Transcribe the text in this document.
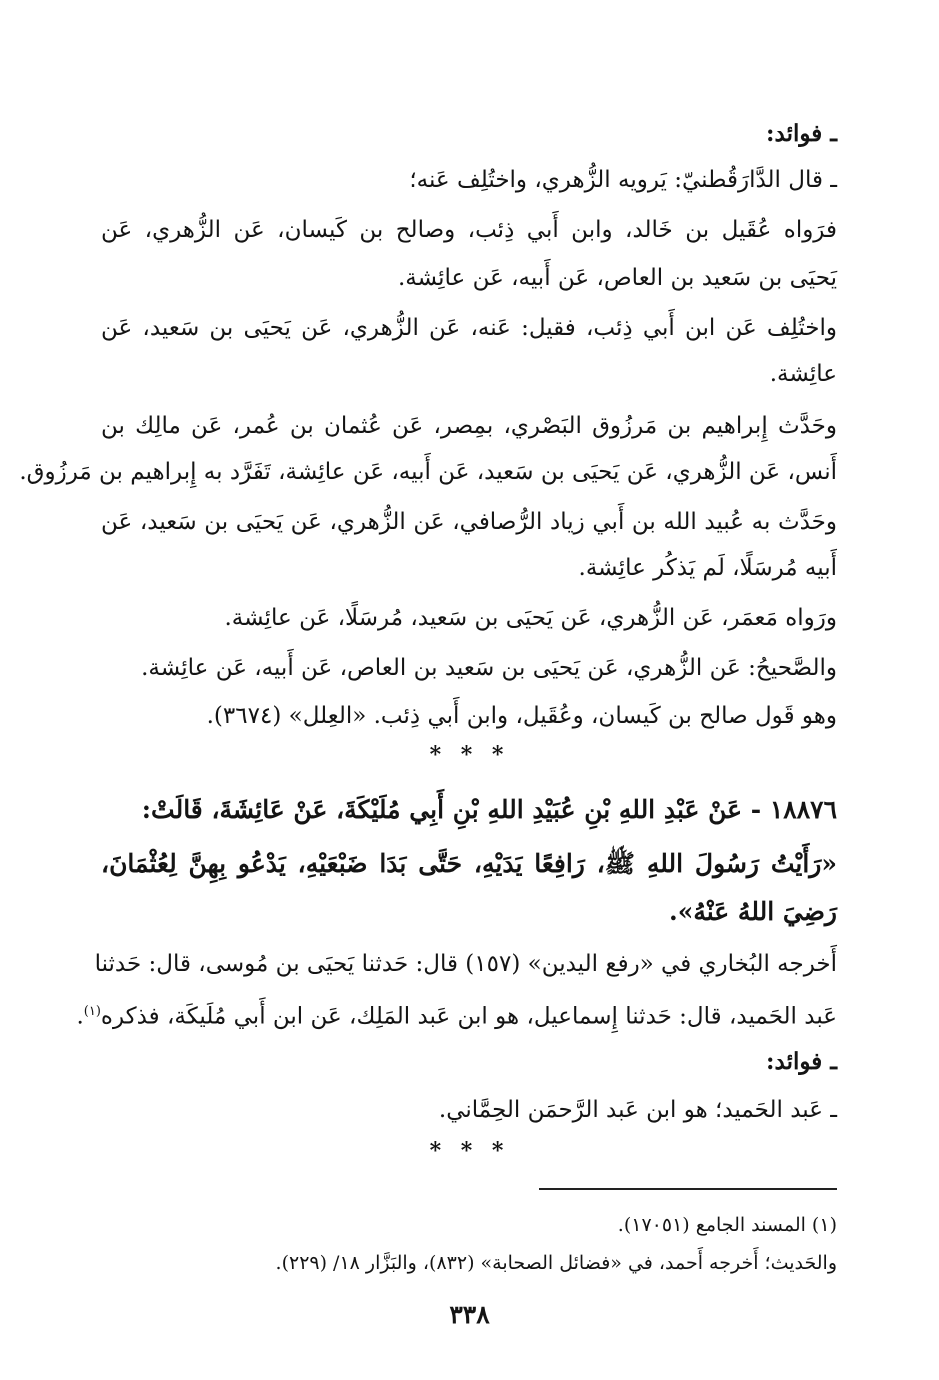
ـ فوائد:
ـ قال الدَّارَقُطنيّ: يَرويه الزُّهري، واختُلِف عَنه؛
فرَواه عُقَيل بن خَالد، وابن أَبي ذِئب، وصالح بن كَيسان، عَن الزُّهري، عَن
يَحيَى بن سَعيد بن العاص، عَن أَبيه، عَن عائِشة.
واختُلِف عَن ابن أَبي ذِئب، فقيل: عَنه، عَن الزُّهري، عَن يَحيَى بن سَعيد، عَن
عائِشة.
وحَدَّث إِبراهيم بن مَرزُوق البَصْري، بمِصر، عَن عُثمان بن عُمر، عَن مالِك بن
أَنس، عَن الزُّهري، عَن يَحيَى بن سَعيد، عَن أَبيه، عَن عائِشة، تَفَرَّد به إِبراهيم بن مَرزُوق.
وحَدَّث به عُبيد الله بن أَبي زياد الرُّصافي، عَن الزُّهري، عَن يَحيَى بن سَعيد، عَن
أَبيه مُرسَلًا، لَم يَذكُر عائِشة.
ورَواه مَعمَر، عَن الزُّهري، عَن يَحيَى بن سَعيد، مُرسَلًا، عَن عائِشة.
والصَّحيحُ: عَن الزُّهري، عَن يَحيَى بن سَعيد بن العاص، عَن أَبيه، عَن عائِشة.
وهو قَول صالح بن كَيسان، وعُقَيل، وابن أَبي ذِئب. «العِلل» (٣٦٧٤).
* * *
١٨٨٧٦ - عَنْ عَبْدِ اللهِ بْنِ عُبَيْدِ اللهِ بْنِ أَبِي مُلَيْكَةَ، عَنْ عَائِشَةَ، قَالَتْ:
«رَأَيْتُ رَسُولَ اللهِ ﷺ، رَافِعًا يَدَيْهِ، حَتَّى بَدَا ضَبْعَيْهِ، يَدْعُو بِهِنَّ لِعُثْمَانَ،
رَضِيَ اللهُ عَنْهُ».
أَخرجه البُخاري في «رفع اليدين» (١٥٧) قال: حَدثنا يَحيَى بن مُوسى، قال: حَدثنا
عَبد الحَميد، قال: حَدثنا إِسماعيل، هو ابن عَبد المَلِك، عَن ابن أَبي مُلَيكَة، فذكره$^{(١)}$.
ـ فوائد:
ـ عَبد الحَميد؛ هو ابن عَبد الرَّحمَن الحِمَّاني.
* * *
(١) المسند الجامع (١٧٠٥١).
والحَديث؛ أَخرجه أَحمد، في «فضائل الصحابة» (٨٣٢)، والبَزَّار ١٨/ (٢٢٩).
٣٣٨
